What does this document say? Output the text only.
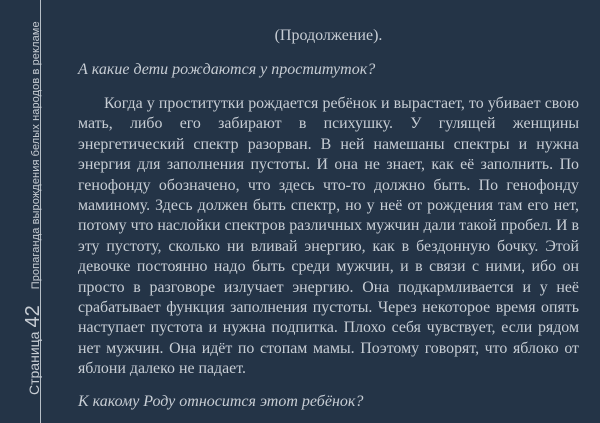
Страница
42
Пропаганда вырождения белых народов в рекламе	(Продолжение).

А какие дети рождаются у проституток?

Когда у проститутки рождается ребёнок и вырастает, то убивает свою мать, либо его забирают в психушку. У гулящей женщины энергетический спектр разорван. В ней намешаны спектры и нужна энергия для заполнения пустоты. И она не знает, как её заполнить. По генофонду обозначено, что здесь что-то должно быть. По генофонду маминому. Здесь должен быть спектр, но у неё от рождения там его нет, потому что наслойки спектров различных мужчин дали такой пробел. И в эту пустоту, сколько ни вливай энергию, как в бездонную бочку. Этой девочке постоянно надо быть среди мужчин, и в связи с ними, ибо он просто в разговоре излучает энергию. Она подкармливается и у неё срабатывает функция заполнения пустоты. Через некоторое время опять наступает пустота и нужна подпитка. Плохо себя чувствует, если рядом нет мужчин. Она идёт по стопам мамы. Поэтому говорят, что яблоко от яблони далеко не падает.

К какому Роду относится этот ребёнок?
